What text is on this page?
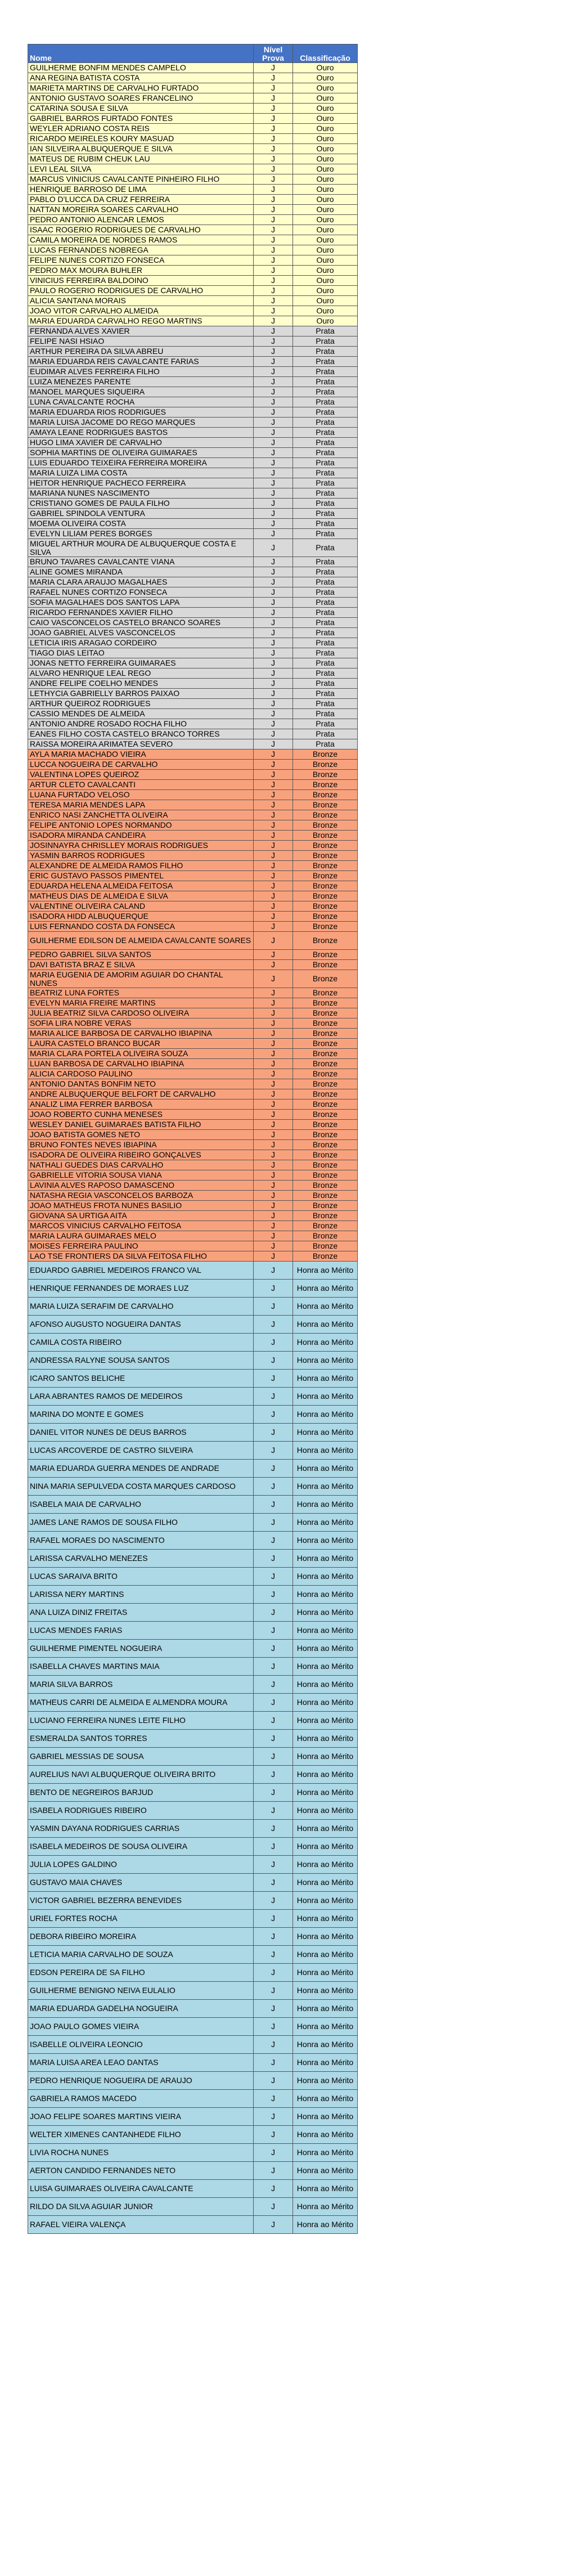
Nome	Nível Prova	Classificação
GUILHERME BONFIM MENDES CAMPELO	J	Ouro
ANA REGINA BATISTA COSTA	J	Ouro
MARIETA MARTINS DE CARVALHO FURTADO	J	Ouro
ANTONIO GUSTAVO SOARES FRANCELINO	J	Ouro
CATARINA SOUSA E SILVA	J	Ouro
GABRIEL BARROS FURTADO FONTES	J	Ouro
WEYLER ADRIANO COSTA REIS	J	Ouro
RICARDO MEIRELES KOURY MASUAD	J	Ouro
IAN SILVEIRA ALBUQUERQUE E SILVA	J	Ouro
MATEUS DE RUBIM CHEUK LAU	J	Ouro
LEVI LEAL SILVA	J	Ouro
MARCUS VINICIUS CAVALCANTE PINHEIRO FILHO	J	Ouro
HENRIQUE BARROSO DE LIMA	J	Ouro
PABLO D'LUCCA DA CRUZ FERREIRA	J	Ouro
NATTAN MOREIRA SOARES CARVALHO	J	Ouro
PEDRO ANTONIO ALENCAR LEMOS	J	Ouro
ISAAC ROGERIO RODRIGUES DE CARVALHO	J	Ouro
CAMILA MOREIRA DE NORDES RAMOS	J	Ouro
LUCAS FERNANDES NOBREGA	J	Ouro
FELIPE NUNES CORTIZO FONSECA	J	Ouro
PEDRO MAX MOURA BUHLER	J	Ouro
VINICIUS FERREIRA BALDOINO	J	Ouro
PAULO ROGERIO RODRIGUES DE CARVALHO	J	Ouro
ALICIA SANTANA MORAIS	J	Ouro
JOAO VITOR CARVALHO ALMEIDA	J	Ouro
MARIA EDUARDA CARVALHO REGO MARTINS	J	Ouro
FERNANDA ALVES XAVIER	J	Prata
FELIPE NASI HSIAO	J	Prata
ARTHUR PEREIRA DA SILVA ABREU	J	Prata
MARIA EDUARDA REIS CAVALCANTE FARIAS	J	Prata
EUDIMAR ALVES FERREIRA FILHO	J	Prata
LUIZA MENEZES PARENTE	J	Prata
MANOEL MARQUES SIQUEIRA	J	Prata
LUNA CAVALCANTE ROCHA	J	Prata
MARIA EDUARDA RIOS RODRIGUES	J	Prata
MARIA LUISA JACOME DO REGO MARQUES	J	Prata
AMAYA LEANE RODRIGUES BASTOS	J	Prata
HUGO LIMA XAVIER DE CARVALHO	J	Prata
SOPHIA MARTINS DE OLIVEIRA GUIMARAES	J	Prata
LUIS EDUARDO TEIXEIRA FERREIRA MOREIRA	J	Prata
MARIA LUIZA LIMA COSTA	J	Prata
HEITOR HENRIQUE PACHECO FERREIRA	J	Prata
MARIANA NUNES NASCIMENTO	J	Prata
CRISTIANO GOMES DE PAULA FILHO	J	Prata
GABRIEL SPINDOLA VENTURA	J	Prata
MOEMA OLIVEIRA COSTA	J	Prata
EVELYN LILIAM PERES BORGES	J	Prata
MIGUEL ARTHUR MOURA DE ALBUQUERQUE COSTA E SILVA	J	Prata
BRUNO TAVARES CAVALCANTE VIANA	J	Prata
ALINE GOMES MIRANDA	J	Prata
MARIA CLARA ARAUJO MAGALHAES	J	Prata
RAFAEL NUNES CORTIZO FONSECA	J	Prata
SOFIA MAGALHAES DOS SANTOS LAPA	J	Prata
RICARDO FERNANDES XAVIER FILHO	J	Prata
CAIO VASCONCELOS CASTELO BRANCO SOARES	J	Prata
JOAO GABRIEL ALVES VASCONCELOS	J	Prata
LETICIA IRIS ARAGAO CORDEIRO	J	Prata
TIAGO DIAS LEITAO	J	Prata
JONAS NETTO FERREIRA GUIMARAES	J	Prata
ALVARO HENRIQUE LEAL REGO	J	Prata
ANDRE FELIPE COELHO MENDES	J	Prata
LETHYCIA GABRIELLY BARROS PAIXAO	J	Prata
ARTHUR QUEIROZ RODRIGUES	J	Prata
CASSIO MENDES DE ALMEIDA	J	Prata
ANTONIO ANDRE ROSADO ROCHA FILHO	J	Prata
EANES FILHO COSTA CASTELO BRANCO TORRES	J	Prata
RAISSA MOREIRA ARIMATEA SEVERO	J	Prata
AYLA MARIA MACHADO VIEIRA	J	Bronze
LUCCA NOGUEIRA DE CARVALHO	J	Bronze
VALENTINA LOPES QUEIROZ	J	Bronze
ARTUR CLETO CAVALCANTI	J	Bronze
LUANA FURTADO VELOSO	J	Bronze
TERESA MARIA MENDES LAPA	J	Bronze
ENRICO NASI ZANCHETTA OLIVEIRA	J	Bronze
FELIPE ANTONIO LOPES NORMANDO	J	Bronze
ISADORA MIRANDA CANDEIRA	J	Bronze
JOSINNAYRA CHRISLLEY MORAIS RODRIGUES	J	Bronze
YASMIN BARROS RODRIGUES	J	Bronze
ALEXANDRE DE ALMEIDA RAMOS FILHO	J	Bronze
ERIC GUSTAVO PASSOS PIMENTEL	J	Bronze
EDUARDA HELENA ALMEIDA FEITOSA	J	Bronze
MATHEUS DIAS DE ALMEIDA E SILVA	J	Bronze
VALENTINE OLIVEIRA CALAND	J	Bronze
ISADORA HIDD ALBUQUERQUE	J	Bronze
LUIS FERNANDO COSTA DA FONSECA	J	Bronze
GUILHERME EDILSON DE ALMEIDA CAVALCANTE SOARES	J	Bronze
PEDRO GABRIEL SILVA SANTOS	J	Bronze
DAVI BATISTA BRAZ E SILVA	J	Bronze
MARIA EUGENIA DE AMORIM AGUIAR DO CHANTAL NUNES	J	Bronze
BEATRIZ LUNA FORTES	J	Bronze
EVELYN MARIA FREIRE MARTINS	J	Bronze
JULIA BEATRIZ SILVA CARDOSO OLIVEIRA	J	Bronze
SOFIA LIRA NOBRE VERAS	J	Bronze
MARIA ALICE BARBOSA DE CARVALHO IBIAPINA	J	Bronze
LAURA CASTELO BRANCO BUCAR	J	Bronze
MARIA CLARA PORTELA OLIVEIRA SOUZA	J	Bronze
LUAN BARBOSA DE CARVALHO IBIAPINA	J	Bronze
ALICIA CARDOSO PAULINO	J	Bronze
ANTONIO DANTAS BONFIM NETO	J	Bronze
ANDRE ALBUQUERQUE BELFORT DE CARVALHO	J	Bronze
ANALIZ LIMA FERRER BARBOSA	J	Bronze
JOAO ROBERTO CUNHA MENESES	J	Bronze
WESLEY DANIEL GUIMARAES BATISTA FILHO	J	Bronze
JOAO BATISTA GOMES NETO	J	Bronze
BRUNO FONTES NEVES IBIAPINA	J	Bronze
ISADORA DE OLIVEIRA RIBEIRO GONÇALVES	J	Bronze
NATHALI GUEDES DIAS CARVALHO	J	Bronze
GABRIELLE VITORIA SOUSA VIANA	J	Bronze
LAVINIA ALVES RAPOSO DAMASCENO	J	Bronze
NATASHA REGIA VASCONCELOS BARBOZA	J	Bronze
JOAO MATHEUS FROTA NUNES BASILIO	J	Bronze
GIOVANA SA URTIGA AITA	J	Bronze
MARCOS VINICIUS CARVALHO FEITOSA	J	Bronze
MARIA LAURA GUIMARAES MELO	J	Bronze
MOISES FERREIRA PAULINO	J	Bronze
LAO TSE FRONTIERS DA SILVA FEITOSA FILHO	J	Bronze
EDUARDO GABRIEL MEDEIROS FRANCO VAL	J	Honra ao Mérito
HENRIQUE FERNANDES DE MORAES LUZ	J	Honra ao Mérito
MARIA LUIZA SERAFIM DE CARVALHO	J	Honra ao Mérito
AFONSO AUGUSTO NOGUEIRA DANTAS	J	Honra ao Mérito
CAMILA COSTA RIBEIRO	J	Honra ao Mérito
ANDRESSA RALYNE SOUSA SANTOS	J	Honra ao Mérito
ICARO SANTOS BELICHE	J	Honra ao Mérito
LARA ABRANTES RAMOS DE MEDEIROS	J	Honra ao Mérito
MARINA DO MONTE E GOMES	J	Honra ao Mérito
DANIEL VITOR NUNES DE DEUS BARROS	J	Honra ao Mérito
LUCAS ARCOVERDE DE CASTRO SILVEIRA	J	Honra ao Mérito
MARIA EDUARDA GUERRA MENDES DE ANDRADE	J	Honra ao Mérito
NINA MARIA SEPULVEDA COSTA MARQUES CARDOSO	J	Honra ao Mérito
ISABELA MAIA DE CARVALHO	J	Honra ao Mérito
JAMES LANE RAMOS DE SOUSA FILHO	J	Honra ao Mérito
RAFAEL MORAES DO NASCIMENTO	J	Honra ao Mérito
LARISSA CARVALHO MENEZES	J	Honra ao Mérito
LUCAS SARAIVA BRITO	J	Honra ao Mérito
LARISSA NERY MARTINS	J	Honra ao Mérito
ANA LUIZA DINIZ FREITAS	J	Honra ao Mérito
LUCAS MENDES FARIAS	J	Honra ao Mérito
GUILHERME PIMENTEL NOGUEIRA	J	Honra ao Mérito
ISABELLA CHAVES MARTINS MAIA	J	Honra ao Mérito
MARIA SILVA BARROS	J	Honra ao Mérito
MATHEUS CARRI DE ALMEIDA E ALMENDRA MOURA	J	Honra ao Mérito
LUCIANO FERREIRA NUNES LEITE FILHO	J	Honra ao Mérito
ESMERALDA SANTOS TORRES	J	Honra ao Mérito
GABRIEL MESSIAS DE SOUSA	J	Honra ao Mérito
AURELIUS NAVI ALBUQUERQUE OLIVEIRA BRITO	J	Honra ao Mérito
BENTO DE NEGREIROS BARJUD	J	Honra ao Mérito
ISABELA RODRIGUES RIBEIRO	J	Honra ao Mérito
YASMIN DAYANA RODRIGUES CARRIAS	J	Honra ao Mérito
ISABELA MEDEIROS DE SOUSA OLIVEIRA	J	Honra ao Mérito
JULIA LOPES GALDINO	J	Honra ao Mérito
GUSTAVO MAIA CHAVES	J	Honra ao Mérito
VICTOR GABRIEL BEZERRA BENEVIDES	J	Honra ao Mérito
URIEL FORTES ROCHA	J	Honra ao Mérito
DEBORA RIBEIRO MOREIRA	J	Honra ao Mérito
LETICIA MARIA CARVALHO DE SOUZA	J	Honra ao Mérito
EDSON PEREIRA DE SA FILHO	J	Honra ao Mérito
GUILHERME BENIGNO NEIVA EULALIO	J	Honra ao Mérito
MARIA EDUARDA GADELHA NOGUEIRA	J	Honra ao Mérito
JOAO PAULO GOMES VIEIRA	J	Honra ao Mérito
ISABELLE OLIVEIRA LEONCIO	J	Honra ao Mérito
MARIA LUISA AREA LEAO DANTAS	J	Honra ao Mérito
PEDRO HENRIQUE NOGUEIRA DE ARAUJO	J	Honra ao Mérito
GABRIELA RAMOS MACEDO	J	Honra ao Mérito
JOAO FELIPE SOARES MARTINS VIEIRA	J	Honra ao Mérito
WELTER XIMENES CANTANHEDE FILHO	J	Honra ao Mérito
LIVIA ROCHA NUNES	J	Honra ao Mérito
AERTON CANDIDO FERNANDES NETO	J	Honra ao Mérito
LUISA GUIMARAES OLIVEIRA CAVALCANTE	J	Honra ao Mérito
RILDO DA SILVA AGUIAR JUNIOR	J	Honra ao Mérito
RAFAEL VIEIRA VALENÇA	J	Honra ao Mérito
